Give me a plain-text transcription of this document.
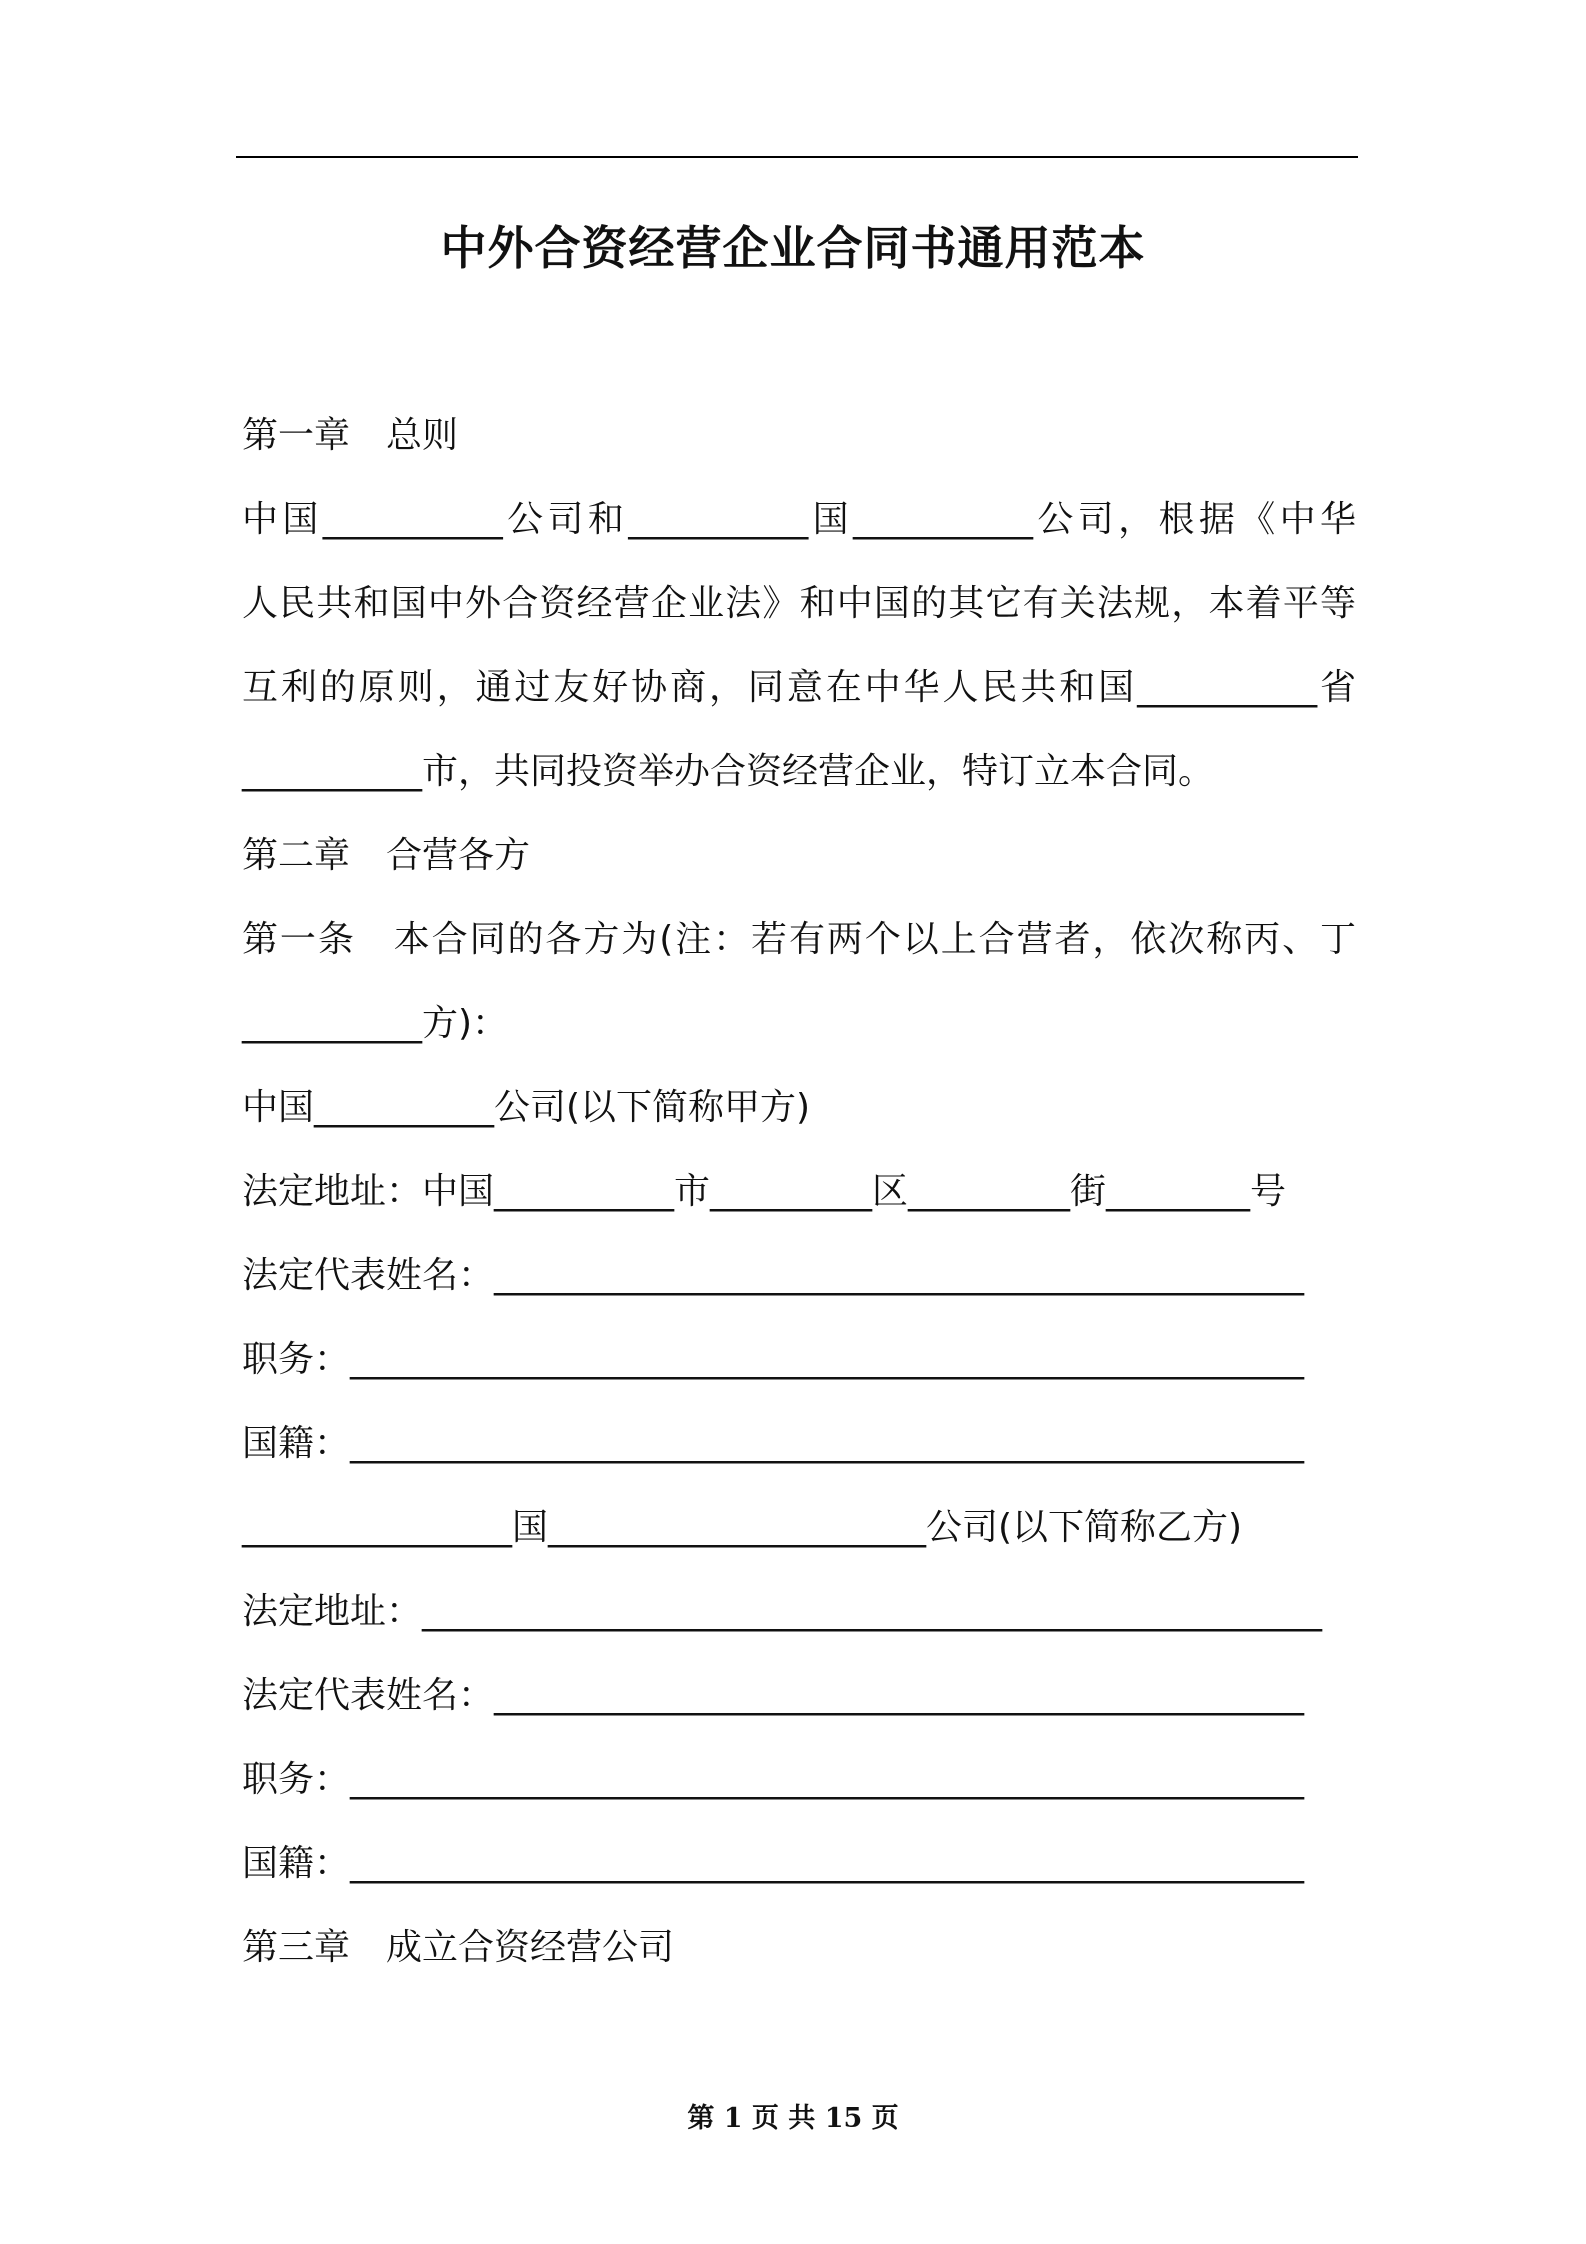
中外合资经营企业合同书通用范本
第一章　总则
中国__________公司和__________国__________公司，根据《中华
人民共和国中外合资经营企业法》和中国的其它有关法规，本着平等
互利的原则，通过友好协商，同意在中华人民共和国__________省
__________市，共同投资举办合资经营企业，特订立本合同。
第二章　合营各方
第一条　本合同的各方为(注：若有两个以上合营者，依次称丙、丁
__________方)：
中国__________公司(以下简称甲方)
法定地址：中国__________市_________区_________街________号
法定代表姓名：_____________________________________________
职务：_____________________________________________________
国籍：_____________________________________________________
_______________国_____________________公司(以下简称乙方)
法定地址：__________________________________________________
法定代表姓名：_____________________________________________
职务：_____________________________________________________
国籍：_____________________________________________________
第三章　成立合资经营公司
第 1 页 共 15 页
